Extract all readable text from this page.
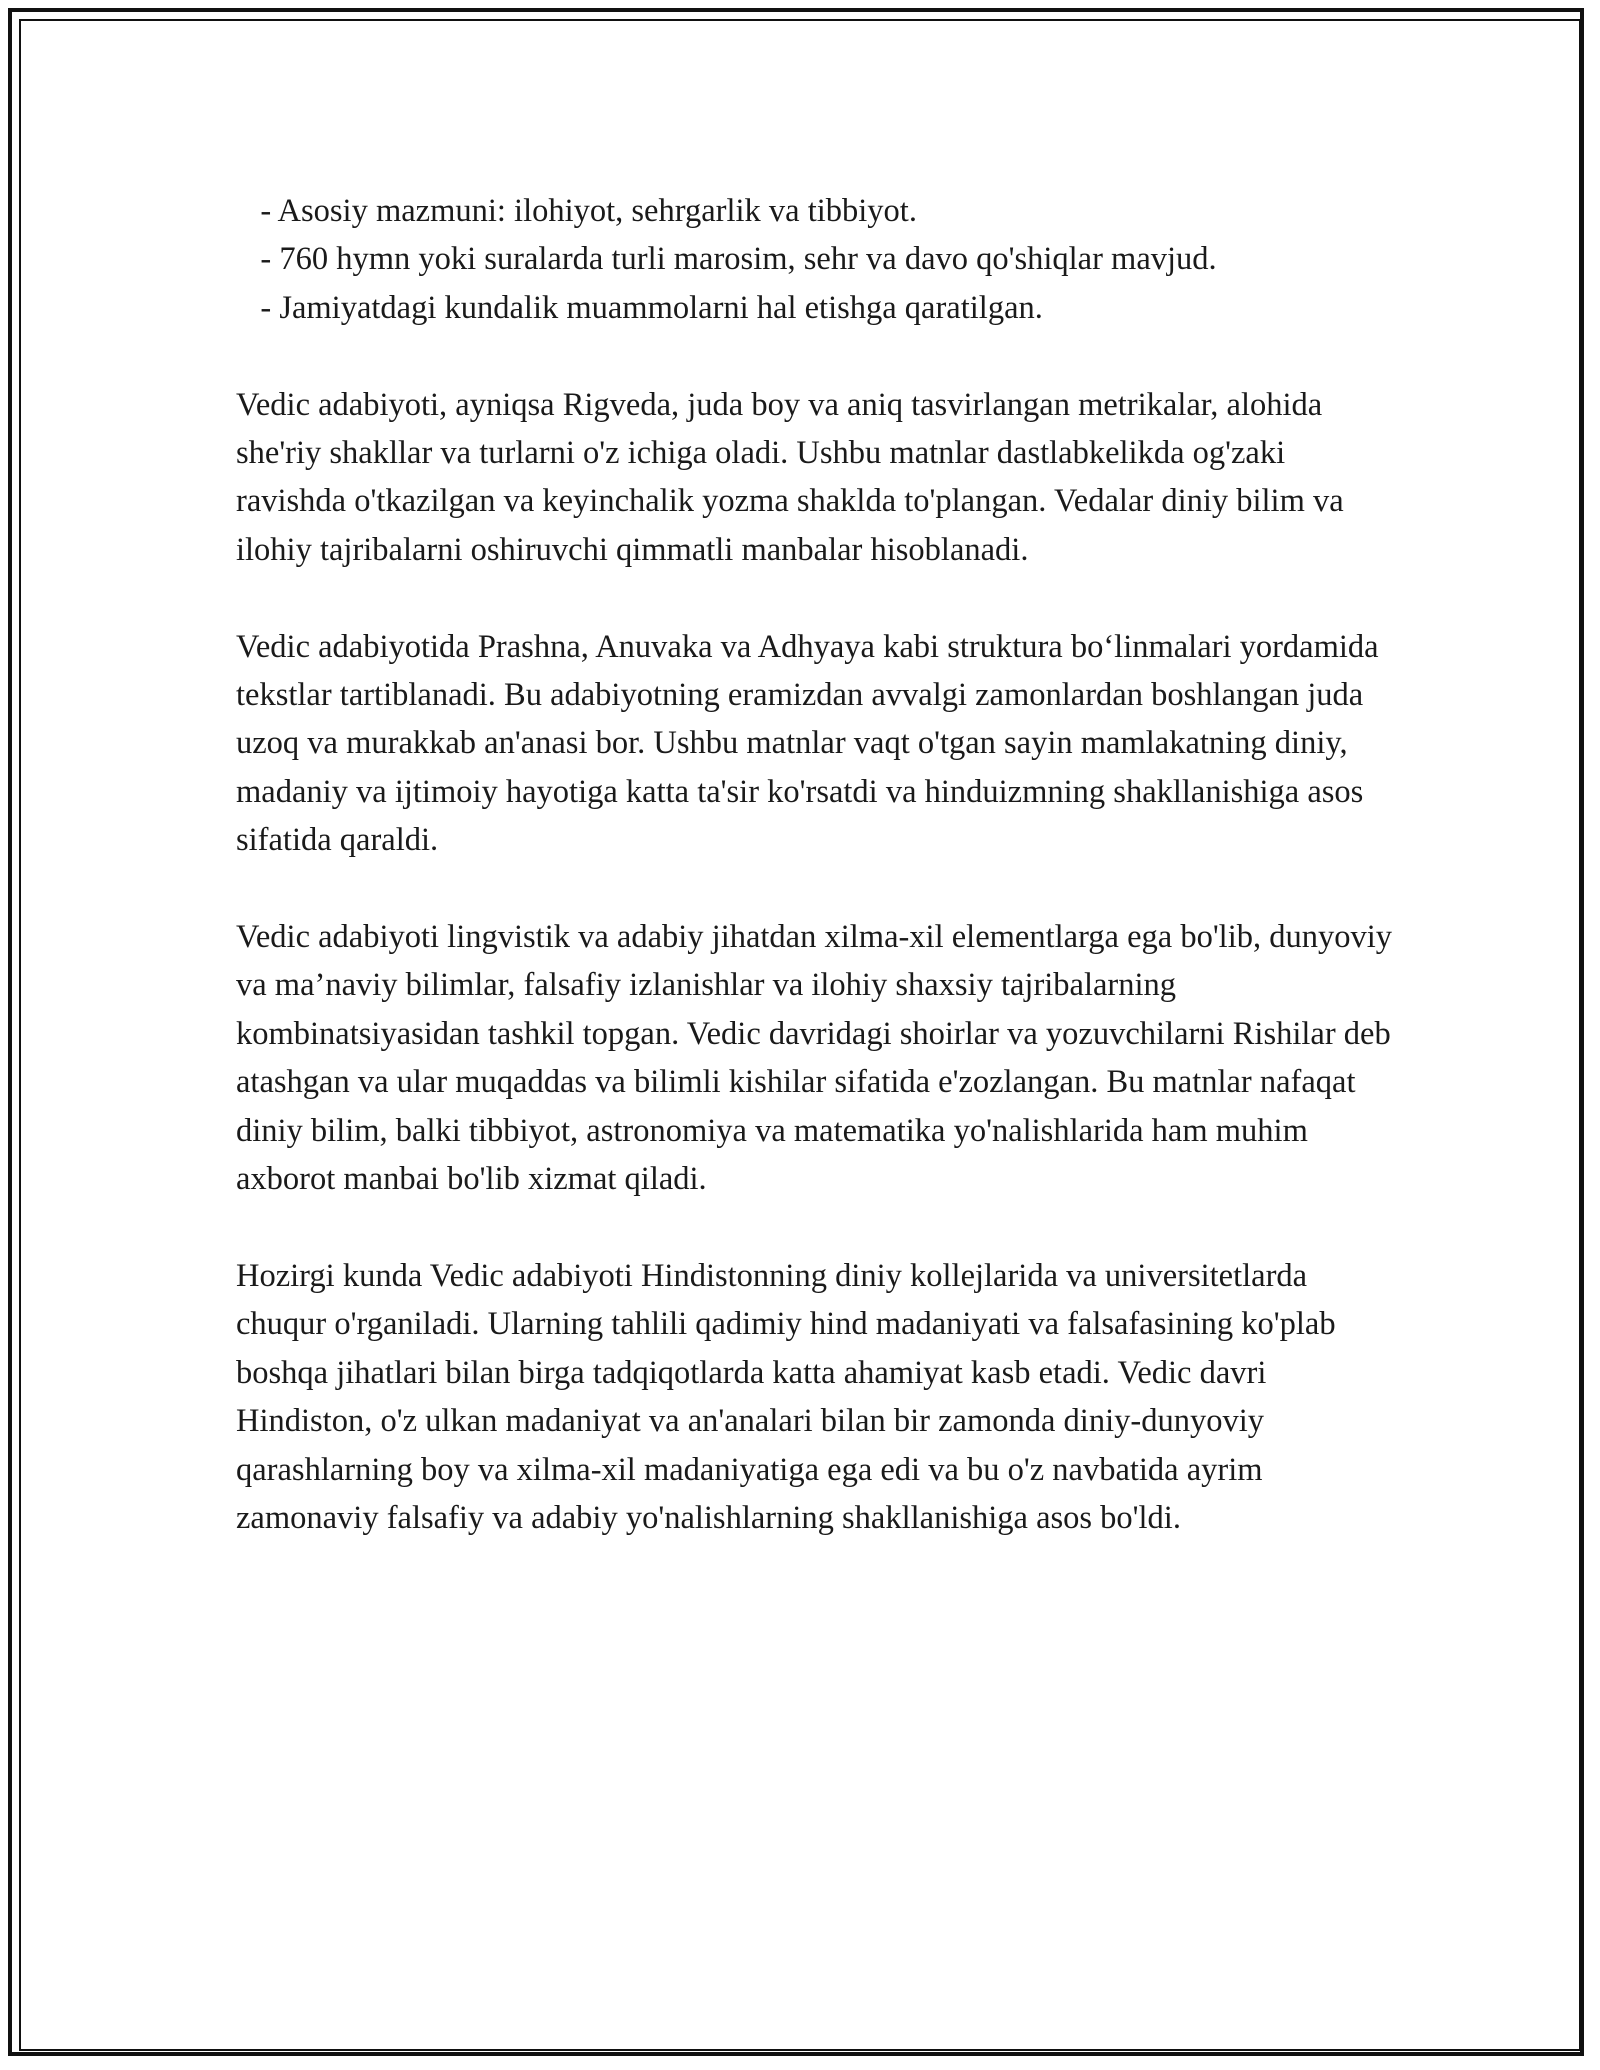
- Asosiy mazmuni: ilohiyot, sehrgarlik va tibbiyot.

- 760 hymn yoki suralarda turli marosim, sehr va davo qo'shiqlar mavjud.

- Jamiyatdagi kundalik muammolarni hal etishga qaratilgan.

Vedic adabiyoti, ayniqsa Rigveda, juda boy va aniq tasvirlangan metrikalar, alohida she'riy shakllar va turlarni o'z ichiga oladi. Ushbu matnlar dastlabkelikda og'zaki ravishda o'tkazilgan va keyinchalik yozma shaklda to'plangan. Vedalar diniy bilim va ilohiy tajribalarni oshiruvchi qimmatli manbalar hisoblanadi.

Vedic adabiyotida Prashna, Anuvaka va Adhyaya kabi struktura bo‘linmalari yordamida tekstlar tartiblanadi. Bu adabiyotning eramizdan avvalgi zamonlardan boshlangan juda uzoq va murakkab an'anasi bor. Ushbu matnlar vaqt o'tgan sayin mamlakatning diniy, madaniy va ijtimoiy hayotiga katta ta'sir ko'rsatdi va hinduizmning shakllanishiga asos sifatida qaraldi.

Vedic adabiyoti lingvistik va adabiy jihatdan xilma-xil elementlarga ega bo'lib, dunyoviy va ma’naviy bilimlar, falsafiy izlanishlar va ilohiy shaxsiy tajribalarning kombinatsiyasidan tashkil topgan. Vedic davridagi shoirlar va yozuvchilarni Rishilar deb atashgan va ular muqaddas va bilimli kishilar sifatida e'zozlangan. Bu matnlar nafaqat diniy bilim, balki tibbiyot, astronomiya va matematika yo'nalishlarida ham muhim axborot manbai bo'lib xizmat qiladi.

Hozirgi kunda Vedic adabiyoti Hindistonning diniy kollejlarida va universitetlarda chuqur o'rganiladi. Ularning tahlili qadimiy hind madaniyati va falsafasining ko'plab boshqa jihatlari bilan birga tadqiqotlarda katta ahamiyat kasb etadi. Vedic davri Hindiston, o'z ulkan madaniyat va an'analari bilan bir zamonda diniy-dunyoviy qarashlarning boy va xilma-xil madaniyatiga ega edi va bu o'z navbatida ayrim zamonaviy falsafiy va adabiy yo'nalishlarning shakllanishiga asos bo'ldi.
